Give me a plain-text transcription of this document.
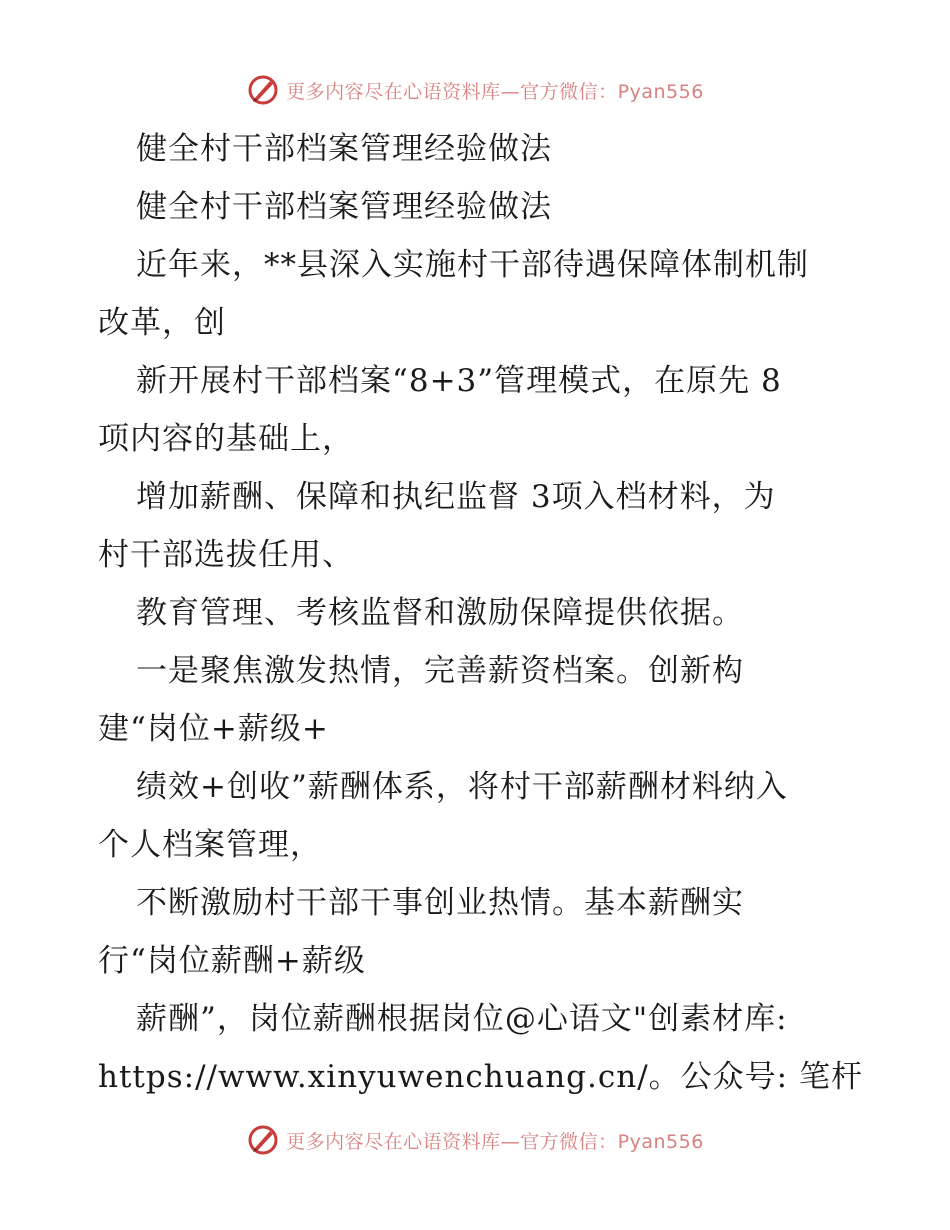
更多内容尽在心语资料库—官方微信：Pyan556
健全村干部档案管理经验做法
健全村干部档案管理经验做法
近年来，**县深入实施村干部待遇保障体制机制
改革，创
新开展村干部档案“8+3”管理模式，在原先 8
项内容的基础上，
增加薪酬、保障和执纪监督 3项入档材料，为
村干部选拔任用、
教育管理、考核监督和激励保障提供依据。
一是聚焦激发热情，完善薪资档案。创新构
建“岗位+薪级+
绩效+创收”薪酬体系，将村干部薪酬材料纳入
个人档案管理，
不断激励村干部干事创业热情。基本薪酬实
行“岗位薪酬+薪级
薪酬”，岗位薪酬根据岗位@心语文"创素材库:
https://www.xinyuwenchuang.cn/。公众号: 笔杆
更多内容尽在心语资料库—官方微信：Pyan556
